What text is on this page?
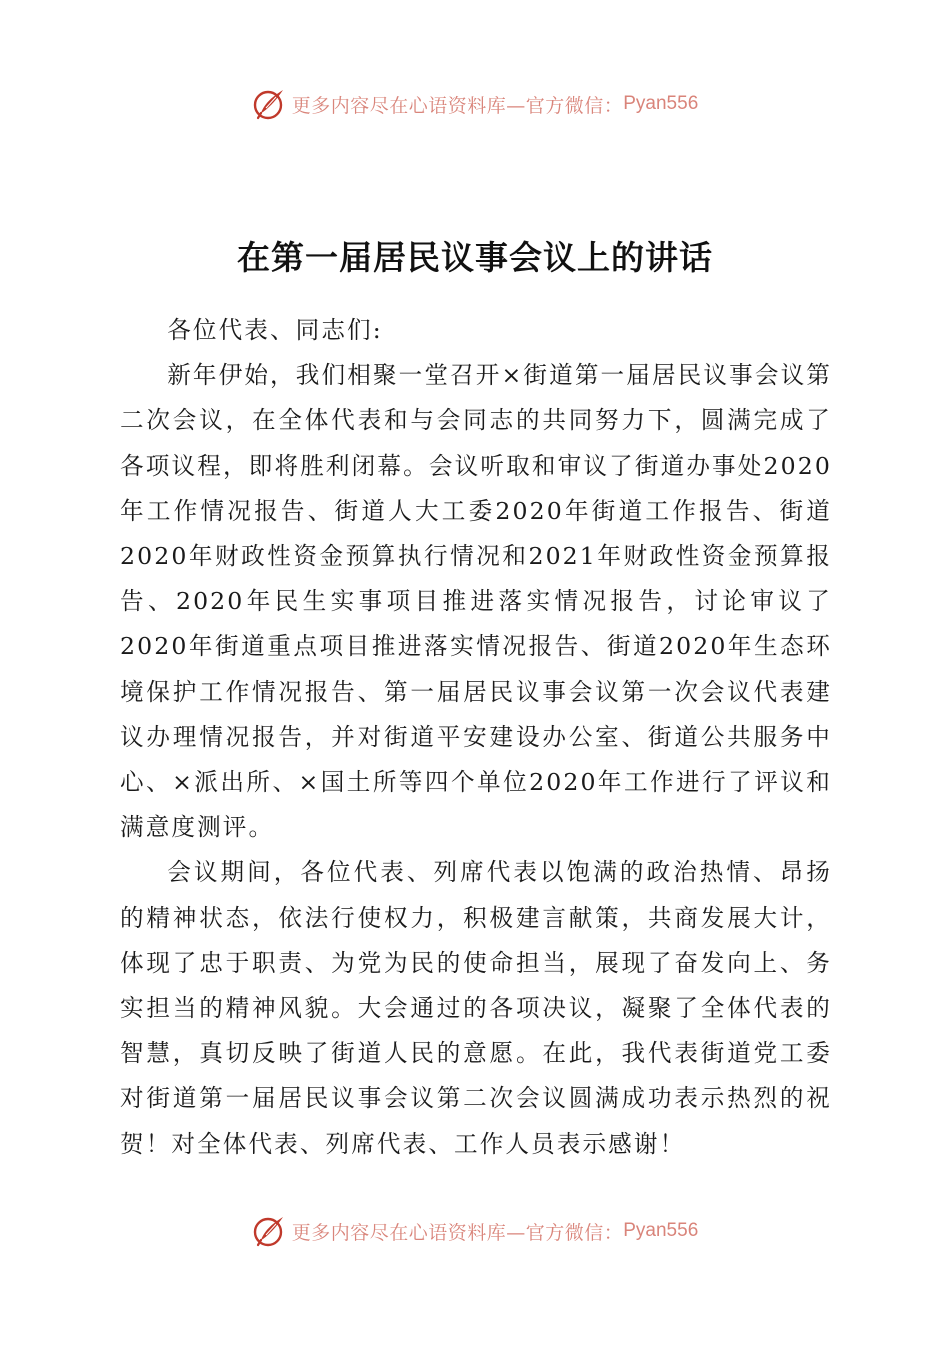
更多内容尽在心语资料库—官方微信： Pyan556
在第一届居民议事会议上的讲话

各位代表、同志们:

新年伊始，我们相聚一堂召开×街道第一届居民议事会议第二次会议，在全体代表和与会同志的共同努力下，圆满完成了各项议程，即将胜利闭幕。会议听取和审议了街道办事处2020年工作情况报告、街道人大工委2020年街道工作报告、街道2020年财政性资金预算执行情况和2021年财政性资金预算报告、2020年民生实事项目推进落实情况报告，讨论审议了2020年街道重点项目推进落实情况报告、街道2020年生态环境保护工作情况报告、第一届居民议事会议第一次会议代表建议办理情况报告，并对街道平安建设办公室、街道公共服务中心、×派出所、×国土所等四个单位2020年工作进行了评议和满意度测评。

会议期间，各位代表、列席代表以饱满的政治热情、昂扬的精神状态，依法行使权力，积极建言献策，共商发展大计，体现了忠于职责、为党为民的使命担当，展现了奋发向上、务实担当的精神风貌。大会通过的各项决议，凝聚了全体代表的智慧，真切反映了街道人民的意愿。在此，我代表街道党工委对街道第一届居民议事会议第二次会议圆满成功表示热烈的祝贺！对全体代表、列席代表、工作人员表示感谢！

更多内容尽在心语资料库—官方微信： Pyan556
